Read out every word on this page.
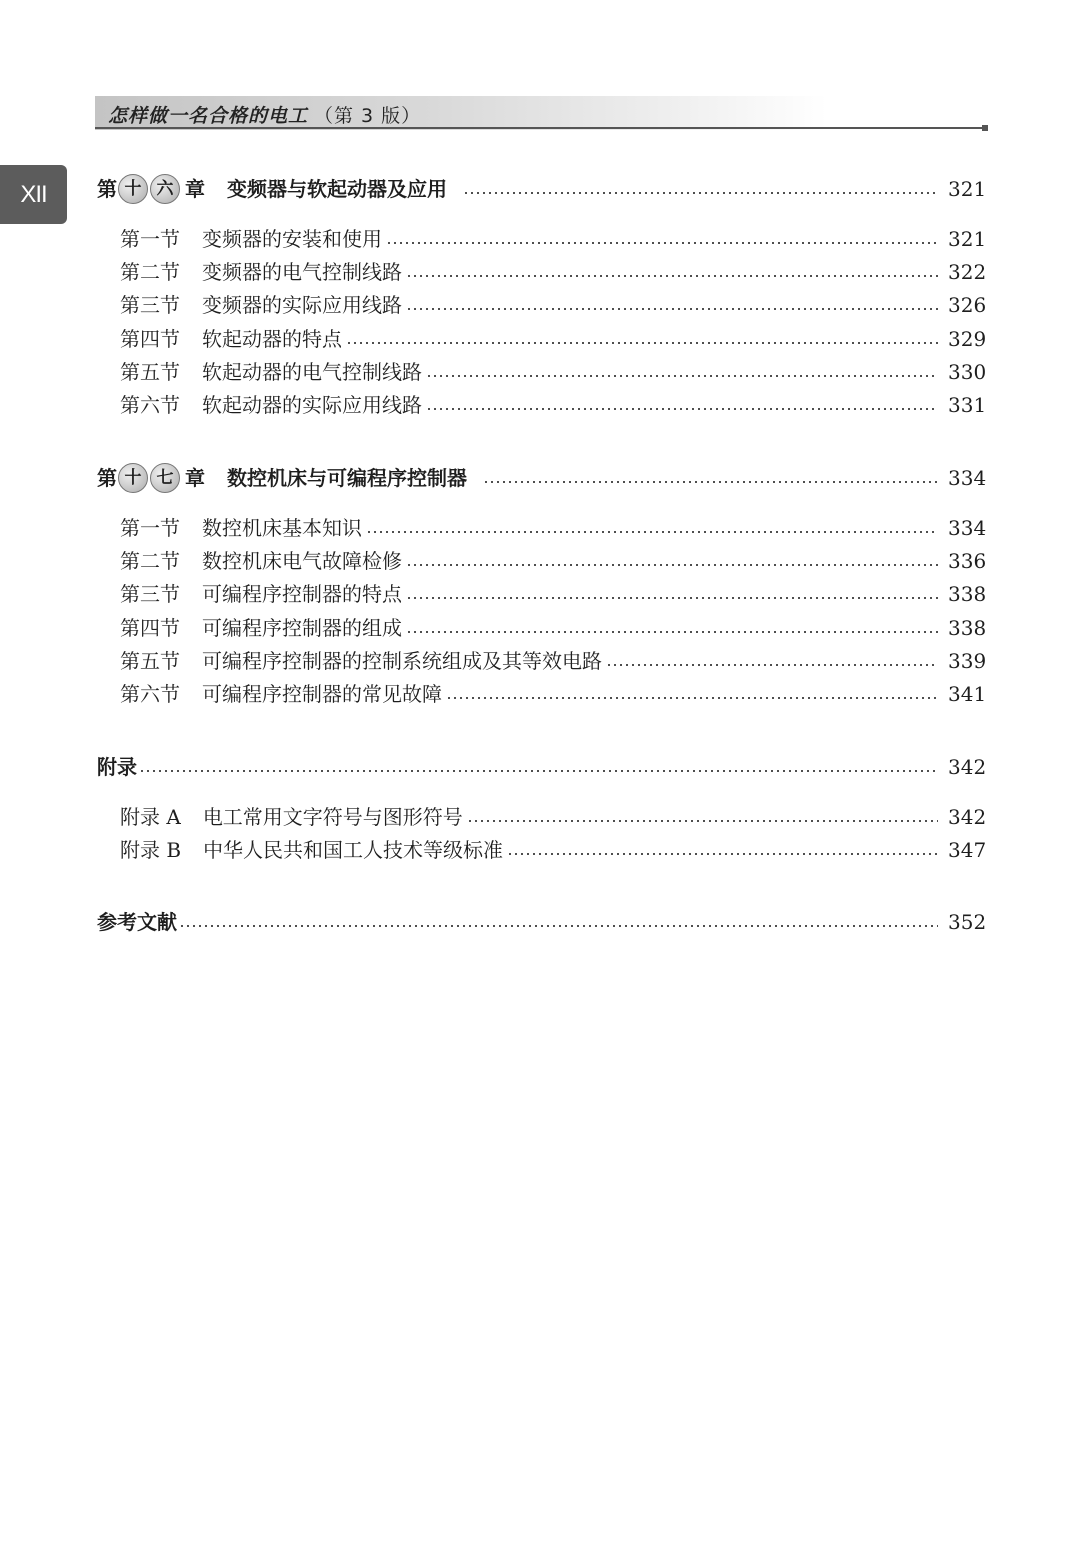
怎样做一名合格的电工 （第 3 版）
XII	第 十 六 章 变频器与软起动器及应用	321
第一节 变频器的安装和使用	321
第二节 变频器的电气控制线路	322
第三节 变频器的实际应用线路	326
第四节 软起动器的特点	329
第五节 软起动器的电气控制线路	330
第六节 软起动器的实际应用线路	331
第 十 七 章 数控机床与可编程序控制器	334
第一节 数控机床基本知识	334
第二节 数控机床电气故障检修	336
第三节 可编程序控制器的特点	338
第四节 可编程序控制器的组成	338
第五节 可编程序控制器的控制系统组成及其等效电路	339
第六节 可编程序控制器的常见故障	341
附录	342
附录 A 电工常用文字符号与图形符号	342
附录 B 中华人民共和国工人技术等级标准	347
参考文献	352
